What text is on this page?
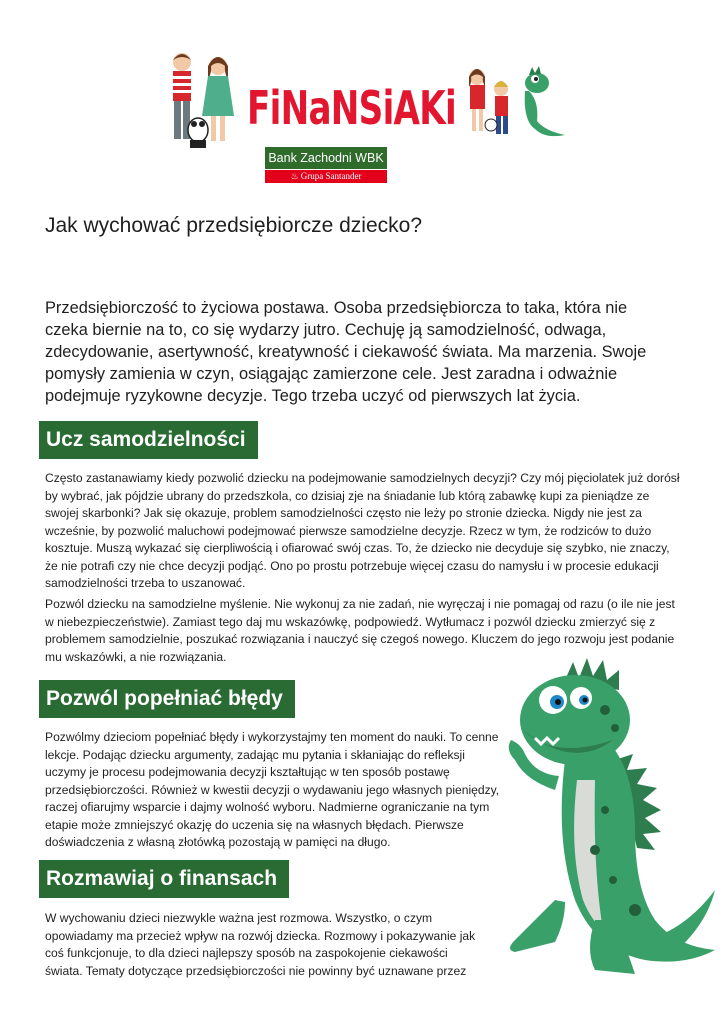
FiNaNSiAKi
Bank Zachodni WBK
♨ Grupa Santander
Jak wychować przedsiębiorcze dziecko?
Przedsiębiorczość to życiowa postawa. Osoba przedsiębiorcza to taka, która nie czeka biernie na to, co się wydarzy jutro. Cechuję ją samodzielność, odwaga, zdecydowanie, asertywność, kreatywność i ciekawość świata. Ma marzenia. Swoje pomysły zamienia w czyn, osiągając zamierzone cele. Jest zaradna i odważnie podejmuje ryzykowne decyzje. Tego trzeba uczyć od pierwszych lat życia.
Ucz samodzielności
Często zastanawiamy kiedy pozwolić dziecku na podejmowanie samodzielnych decyzji? Czy mój pięciolatek już dorósł by wybrać, jak pójdzie ubrany do przedszkola, co dzisiaj zje na śniadanie lub którą zabawkę kupi za pieniądze ze swojej skarbonki? Jak się okazuje, problem samodzielności często nie leży po stronie dziecka. Nigdy nie jest za wcześnie, by pozwolić maluchowi podejmować pierwsze samodzielne decyzje. Rzecz w tym, że rodziców to dużo kosztuje. Muszą wykazać się cierpliwością i ofiarować swój czas. To, że dziecko nie decyduje się szybko, nie znaczy, że nie potrafi czy nie chce decyzji podjąć. Ono po prostu potrzebuje więcej czasu do namysłu i w procesie edukacji samodzielności trzeba to uszanować.
Pozwól dziecku na samodzielne myślenie. Nie wykonuj za nie zadań, nie wyręczaj i nie pomagaj od razu (o ile nie jest w niebezpieczeństwie). Zamiast tego daj mu wskazówkę, podpowiedź. Wytłumacz i pozwól dziecku zmierzyć się z problemem samodzielnie, poszukać rozwiązania i nauczyć się czegoś nowego. Kluczem do jego rozwoju jest podanie mu wskazówki, a nie rozwiązania.
Pozwól popełniać błędy
Pozwólmy dzieciom popełniać błędy i wykorzystajmy ten moment do nauki. To cenne lekcje. Podając dziecku argumenty, zadając mu pytania i skłaniając do refleksji uczymy je procesu podejmowania decyzji kształtując w ten sposób postawę przedsiębiorczości. Również w kwestii decyzji o wydawaniu jego własnych pieniędzy, raczej ofiarujmy wsparcie i dajmy wolność wyboru. Nadmierne ograniczanie na tym etapie może zmniejszyć okazję do uczenia się na własnych błędach. Pierwsze doświadczenia z własną złotówką pozostają w pamięci na długo.
Rozmawiaj o finansach
W wychowaniu dzieci niezwykle ważna jest rozmowa. Wszystko, o czym opowiadamy ma przecież wpływ na rozwój dziecka. Rozmowy i pokazywanie jak coś funkcjonuje, to dla dzieci najlepszy sposób na zaspokojenie ciekawości świata. Tematy dotyczące przedsiębiorczości nie powinny być uznawane przez
